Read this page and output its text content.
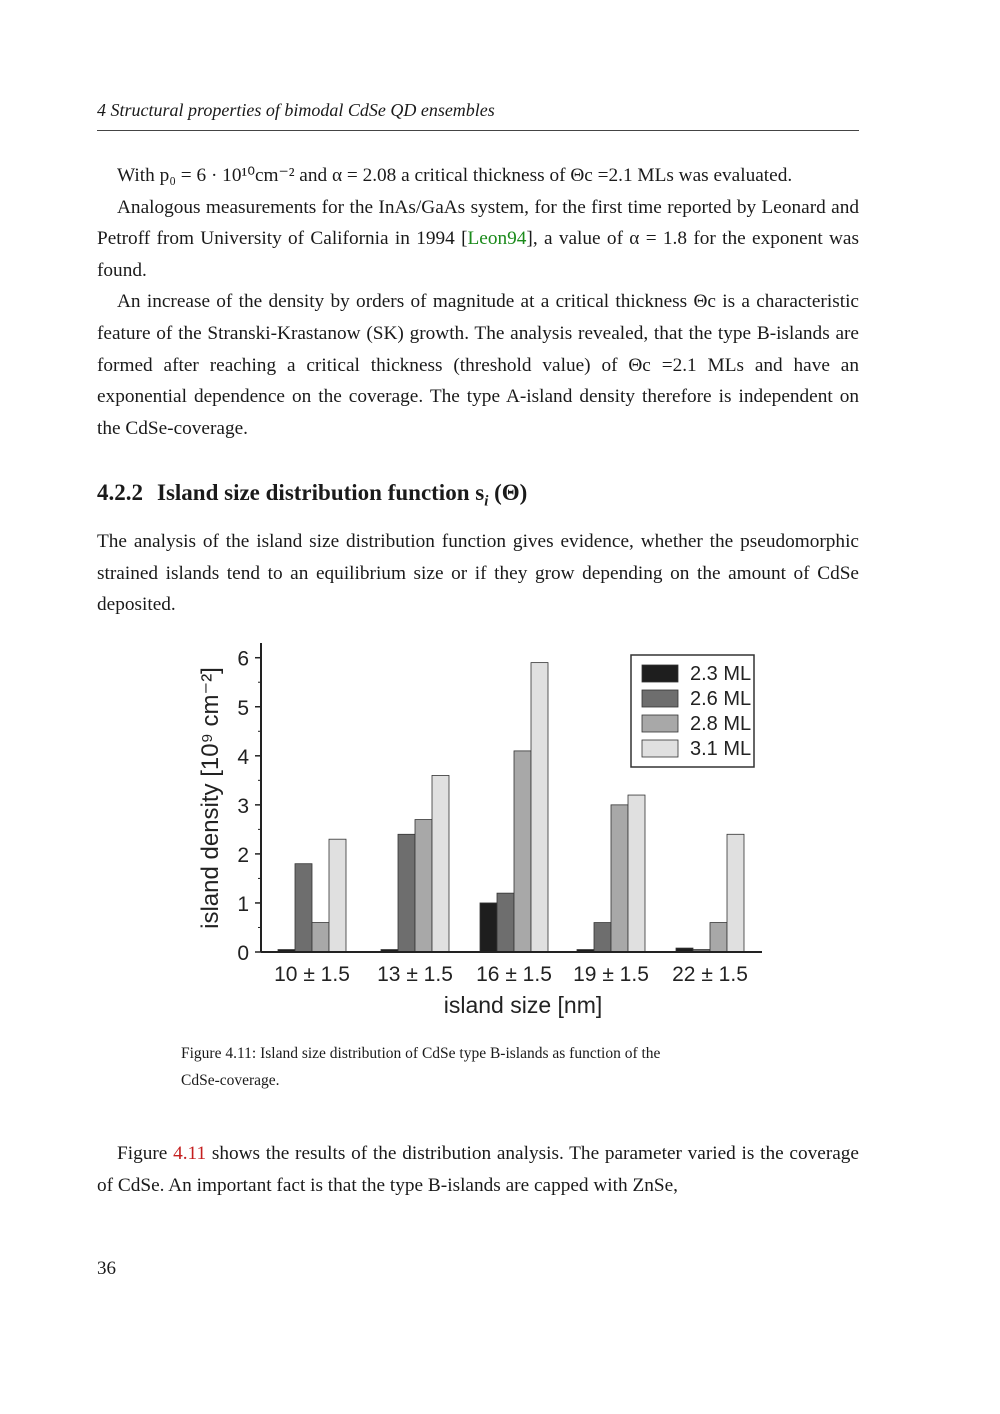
4 Structural properties of bimodal CdSe QD ensembles

With p₀ = 6 · 10¹⁰cm⁻² and α = 2.08 a critical thickness of Θc =2.1 MLs was evaluated.

Analogous measurements for the InAs/GaAs system, for the first time reported by Leonard and Petroff from University of California in 1994 [Leon94], a value of α = 1.8 for the exponent was found.

An increase of the density by orders of magnitude at a critical thickness Θc is a characteristic feature of the Stranski-Krastanow (SK) growth. The analysis revealed, that the type B-islands are formed after reaching a critical thickness (threshold value) of Θc =2.1 MLs and have an exponential dependence on the coverage. The type A-island density therefore is independent on the CdSe-coverage.

4.2.2 Island size distribution function $s_i$ (Θ)

The analysis of the island size distribution function gives evidence, whether the pseudomorphic strained islands tend to an equilibrium size or if they grow depending on the amount of CdSe deposited.

0
1
2
3
4
5
6
10 ± 1.5 13 ± 1.5 16 ± 1.5 19 ± 1.5 22 ± 1.5
island density [10⁹ cm⁻²]
island size [nm]
2.3 ML
2.6 ML
2.8 ML
3.1 ML
Figure 4.11: Island size distribution of CdSe type B-islands as function of the
CdSe-coverage.

Figure 4.11 shows the results of the distribution analysis. The parameter varied is the coverage of CdSe. An important fact is that the type B-islands are capped with ZnSe,

36
